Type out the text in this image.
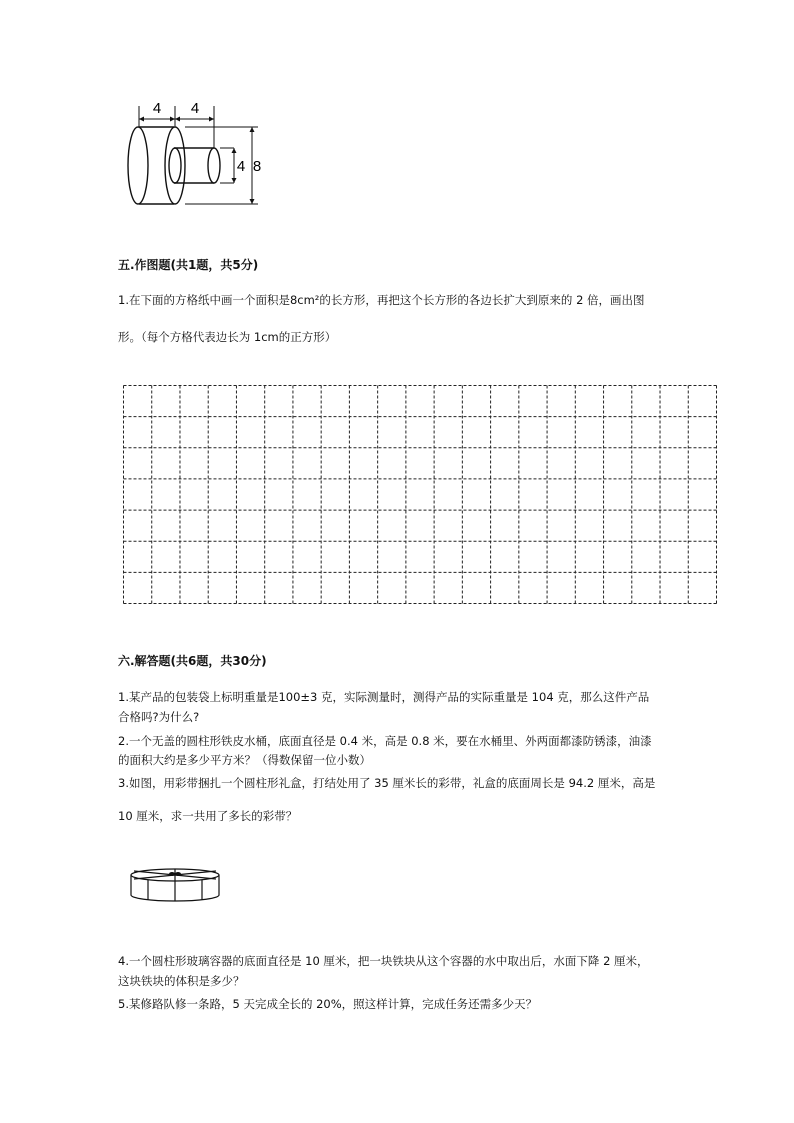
4 4
4 8
五.作图题(共1题，共5分)
1.在下面的方格纸中画一个面积是8cm²的长方形，再把这个长方形的各边长扩大到原来的 2 倍，画出图
形。（每个方格代表边长为 1cm的正方形）
六.解答题(共6题，共30分)
1.某产品的包装袋上标明重量是100±3 克，实际测量时，测得产品的实际重量是 104 克，那么这件产品
合格吗?为什么?
2.一个无盖的圆柱形铁皮水桶，底面直径是 0.4 米，高是 0.8 米，要在水桶里、外两面都漆防锈漆，油漆
的面积大约是多少平方米？（得数保留一位小数）
3.如图，用彩带捆扎一个圆柱形礼盒，打结处用了 35 厘米长的彩带，礼盒的底面周长是 94.2 厘米，高是
10 厘米，求一共用了多长的彩带？
4.一个圆柱形玻璃容器的底面直径是 10 厘米，把一块铁块从这个容器的水中取出后，水面下降 2 厘米，
这块铁块的体积是多少？
5.某修路队修一条路，5 天完成全长的 20%，照这样计算，完成任务还需多少天？
